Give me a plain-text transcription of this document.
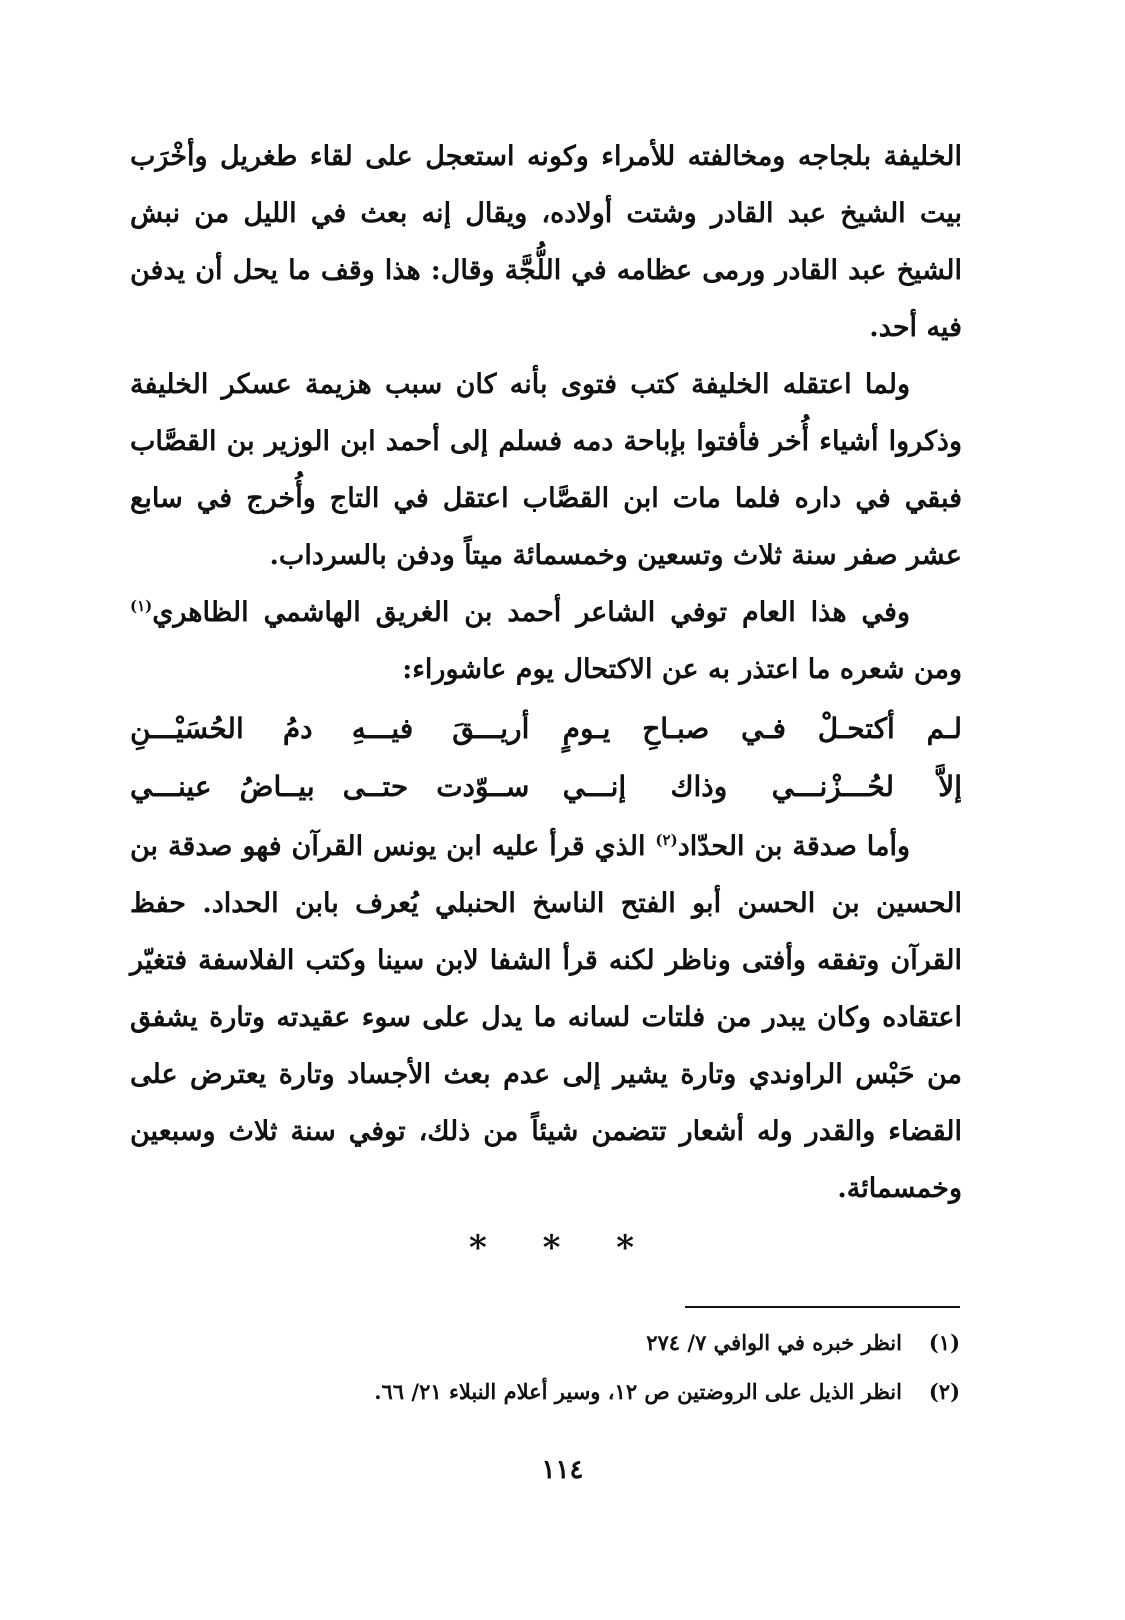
الخليفة بلجاجه ومخالفته للأمراء وكونه استعجل على لقاء طغريل وأخْرَب بيت الشيخ عبد القادر وشتت أولاده، ويقال إنه بعث في الليل من نبش الشيخ عبد القادر ورمى عظامه في اللُّجَّة وقال: هذا وقف ما يحل أن يدفن فيه أحد.

ولما اعتقله الخليفة كتب فتوى بأنه كان سبب هزيمة عسكر الخليفة وذكروا أشياء أُخر فأفتوا بإباحة دمه فسلم إلى أحمد ابن الوزير بن القصَّاب فبقي في داره فلما مات ابن القصَّاب اعتقل في التاج وأُخرج في سابع عشر صفر سنة ثلاث وتسعين وخمسمائة ميتاً ودفن بالسرداب.

وفي هذا العام توفي الشاعر أحمد بن الغريق الهاشمي الظاهري$^{(١)}$ ومن شعره ما اعتذر به عن الاكتحال يوم عاشوراء:

لـم أكتحـلْ فـي صبـاحِ يـومٍ
أريـــقَ فيـــهِ دمُ الحُسَيْـــنِ
إلاَّ لحُـــزْنـــي وذاك إنـــي
ســوّدت حتــى بيــاضُ عينـــي

وأما صدقة بن الحدّاد$^{(٢)}$ الذي قرأ عليه ابن يونس القرآن فهو صدقة بن الحسين بن الحسن أبو الفتح الناسخ الحنبلي يُعرف بابن الحداد. حفظ القرآن وتفقه وأفتى وناظر لكنه قرأ الشفا لابن سينا وكتب الفلاسفة فتغيّر اعتقاده وكان يبدر من فلتات لسانه ما يدل على سوء عقيدته وتارة يشفق من حَبْس الراوندي وتارة يشير إلى عدم بعث الأجساد وتارة يعترض على القضاء والقدر وله أشعار تتضمن شيئاً من ذلك، توفي سنة ثلاث وسبعين وخمسمائة.

* * *
(١)
انظر خبره في الوافي ٧/ ٢٧٤
(٢)
انظر الذيل على الروضتين ص ١٢، وسير أعلام النبلاء ٢١/ ٦٦.
١١٤
